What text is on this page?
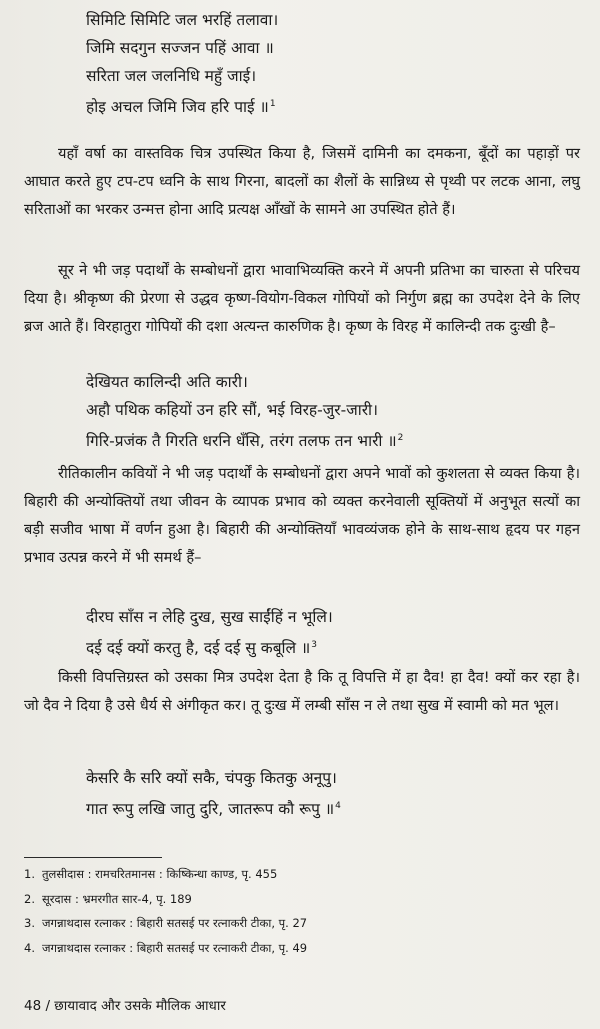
सिमिटि सिमिटि जल भरहिं तलावा।
जिमि सदगुन सज्जन पहिं आवा ॥
सरिता जल जलनिधि महुँ जाई।
होइ अचल जिमि जिव हरि पाई ॥$^1$

यहाँ वर्षा का वास्तविक चित्र उपस्थित किया है, जिसमें दामिनी का दमकना, बूँदों का पहाड़ों पर आघात करते हुए टप-टप ध्वनि के साथ गिरना, बादलों का शैलों के सान्निध्य से पृथ्वी पर लटक आना, लघु सरिताओं का भरकर उन्मत्त होना आदि प्रत्यक्ष आँखों के सामने आ उपस्थित होते हैं।

सूर ने भी जड़ पदार्थों के सम्बोधनों द्वारा भावाभिव्यक्ति करने में अपनी प्रतिभा का चारुता से परिचय दिया है। श्रीकृष्ण की प्रेरणा से उद्धव कृष्ण-वियोग-विकल गोपियों को निर्गुण ब्रह्म का उपदेश देने के लिए ब्रज आते हैं। विरहातुरा गोपियों की दशा अत्यन्त कारुणिक है। कृष्ण के विरह में कालिन्दी तक दुःखी है–

देखियत कालिन्दी अति कारी।
अहौ पथिक कहियों उन हरि सौं, भई विरह-जुर-जारी।
गिरि-प्रजंक तै गिरति धरनि धँसि, तरंग तलफ तन भारी ॥$^2$

रीतिकालीन कवियों ने भी जड़ पदार्थों के सम्बोधनों द्वारा अपने भावों को कुशलता से व्यक्त किया है। बिहारी की अन्योक्तियों तथा जीवन के व्यापक प्रभाव को व्यक्त करनेवाली सूक्तियों में अनुभूत सत्यों का बड़ी सजीव भाषा में वर्णन हुआ है। बिहारी की अन्योक्तियाँ भावव्यंजक होने के साथ-साथ हृदय पर गहन प्रभाव उत्पन्न करने में भी समर्थ हैं–

दीरघ साँस न लेहि दुख, सुख साईंहिं न भूलि।
दई दई क्यों करतु है, दई दई सु कबूलि ॥$^3$

किसी विपत्तिग्रस्त को उसका मित्र उपदेश देता है कि तू विपत्ति में हा दैव! हा दैव! क्यों कर रहा है। जो दैव ने दिया है उसे धैर्य से अंगीकृत कर। तू दुःख में लम्बी साँस न ले तथा सुख में स्वामी को मत भूल।

केसरि कै सरि क्यों सकै, चंपकु कितकु अनूपु।
गात रूपु लखि जातु दुरि, जातरूप कौ रूपु ॥$^4$
1. तुलसीदास : रामचरितमानस : किष्किन्धा काण्ड, पृ. 455
2. सूरदास : भ्रमरगीत सार-4, पृ. 189
3. जगन्नाथदास रत्नाकर : बिहारी सतसई पर रत्नाकरी टीका, पृ. 27
4. जगन्नाथदास रत्नाकर : बिहारी सतसई पर रत्नाकरी टीका, पृ. 49
48 / छायावाद और उसके मौलिक आधार
